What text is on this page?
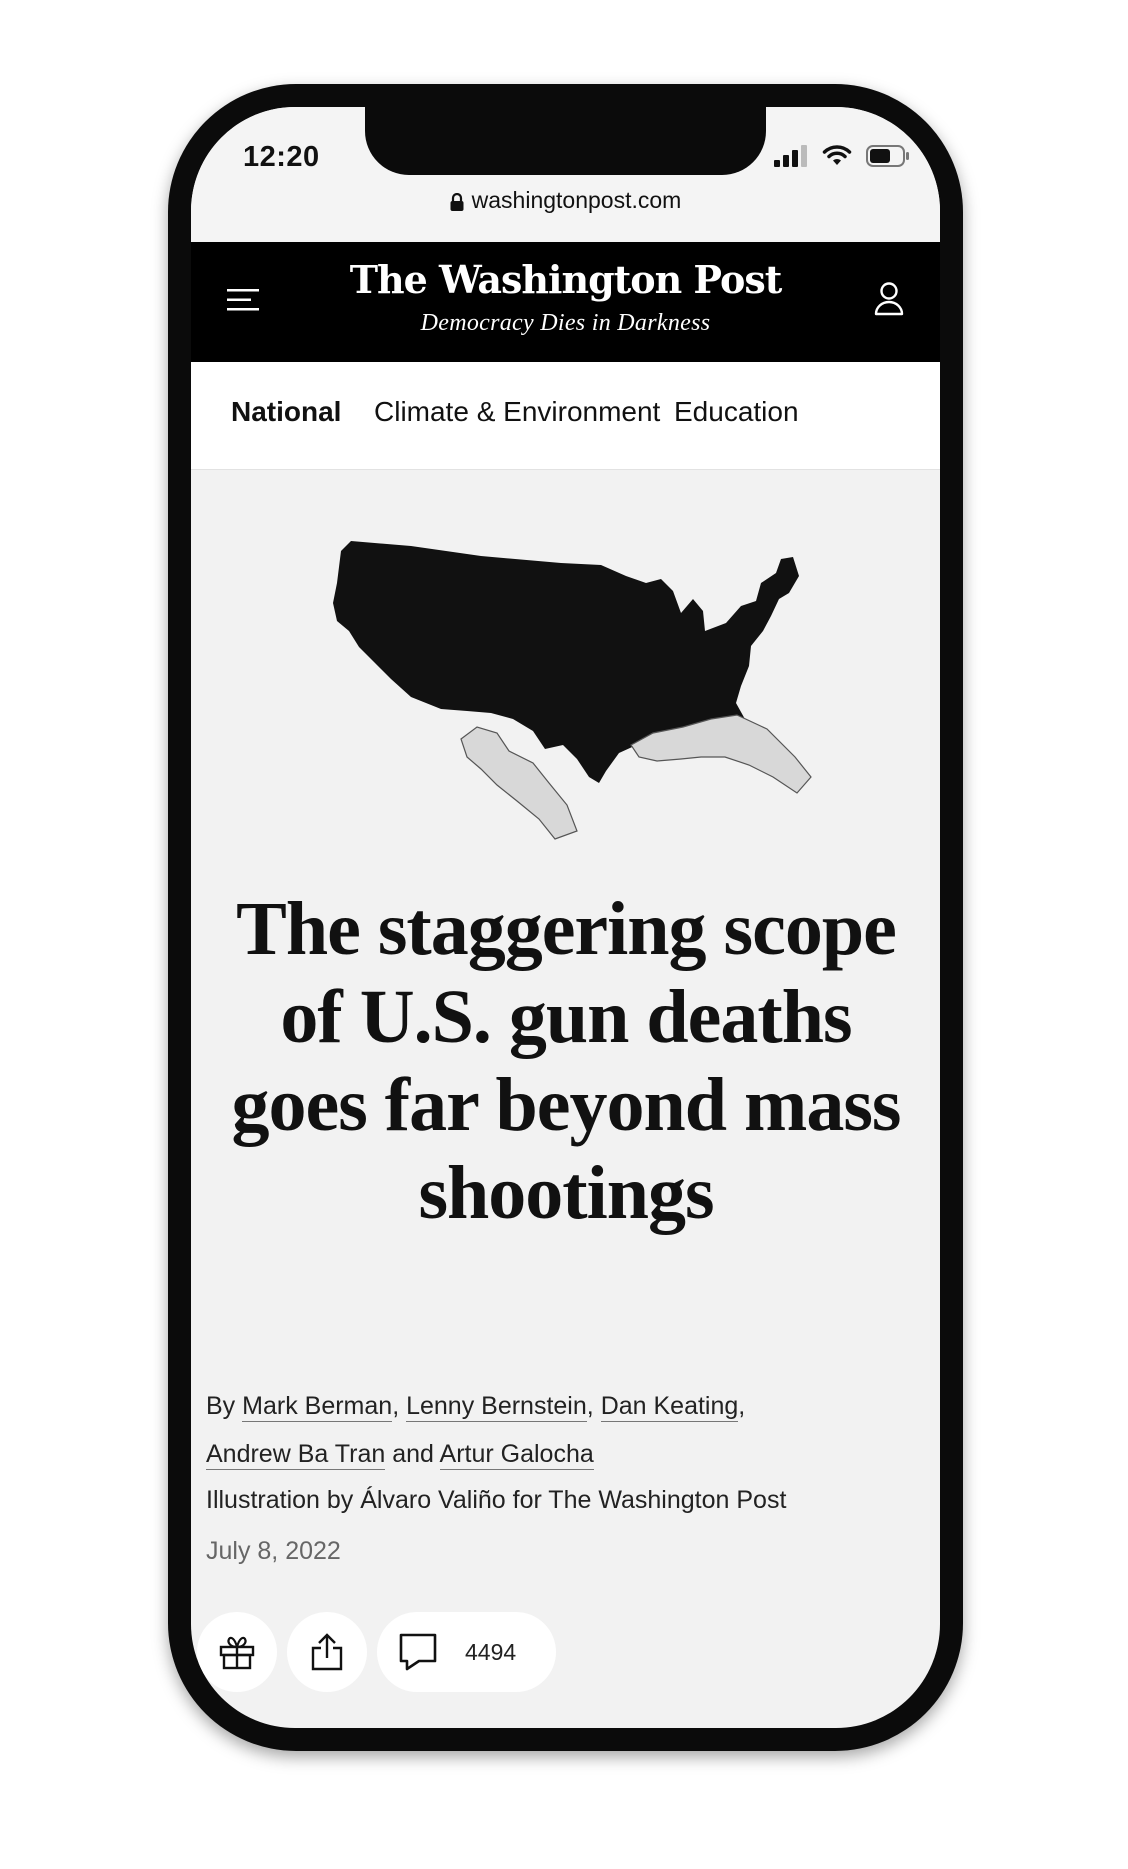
12:20
washingtonpost.com
The Washington Post
Democracy Dies in Darkness
National Climate & Environment Education
The staggering scope of U.S. gun deaths goes far beyond mass shootings
By Mark Berman, Lenny Bernstein, Dan Keating,
Andrew Ba Tran and Artur Galocha
Illustration by Álvaro Valiño for The Washington Post
July 8, 2022
4494
